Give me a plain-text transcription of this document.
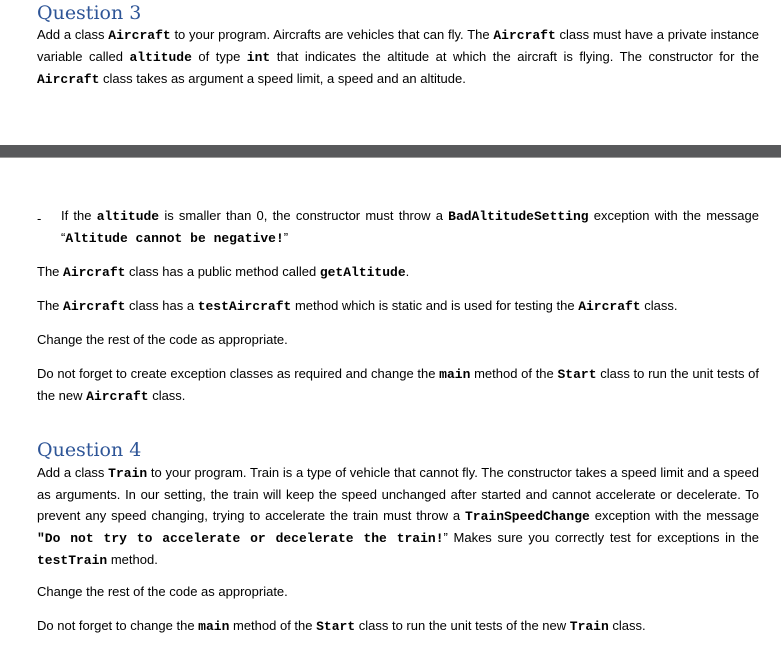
Question 3

Add a class Aircraft to your program. Aircrafts are vehicles that can fly. The Aircraft class must have a private instance variable called altitude of type int that indicates the altitude at which the aircraft is flying. The constructor for the Aircraft class takes as argument a speed limit, a speed and an altitude.

- If the altitude is smaller than 0, the constructor must throw a BadAltitudeSetting exception with the message “Altitude cannot be negative!”

The Aircraft class has a public method called getAltitude.

The Aircraft class has a testAircraft method which is static and is used for testing the Aircraft class.

Change the rest of the code as appropriate.

Do not forget to create exception classes as required and change the main method of the Start class to run the unit tests of the new Aircraft class.

Question 4

Add a class Train to your program. Train is a type of vehicle that cannot fly. The constructor takes a speed limit and a speed as arguments. In our setting, the train will keep the speed unchanged after started and cannot accelerate or decelerate. To prevent any speed changing, trying to accelerate the train must throw a TrainSpeedChange exception with the message "Do not try to accelerate or decelerate the train!” Makes sure you correctly test for exceptions in the testTrain method.

Change the rest of the code as appropriate.

Do not forget to change the main method of the Start class to run the unit tests of the new Train class.
